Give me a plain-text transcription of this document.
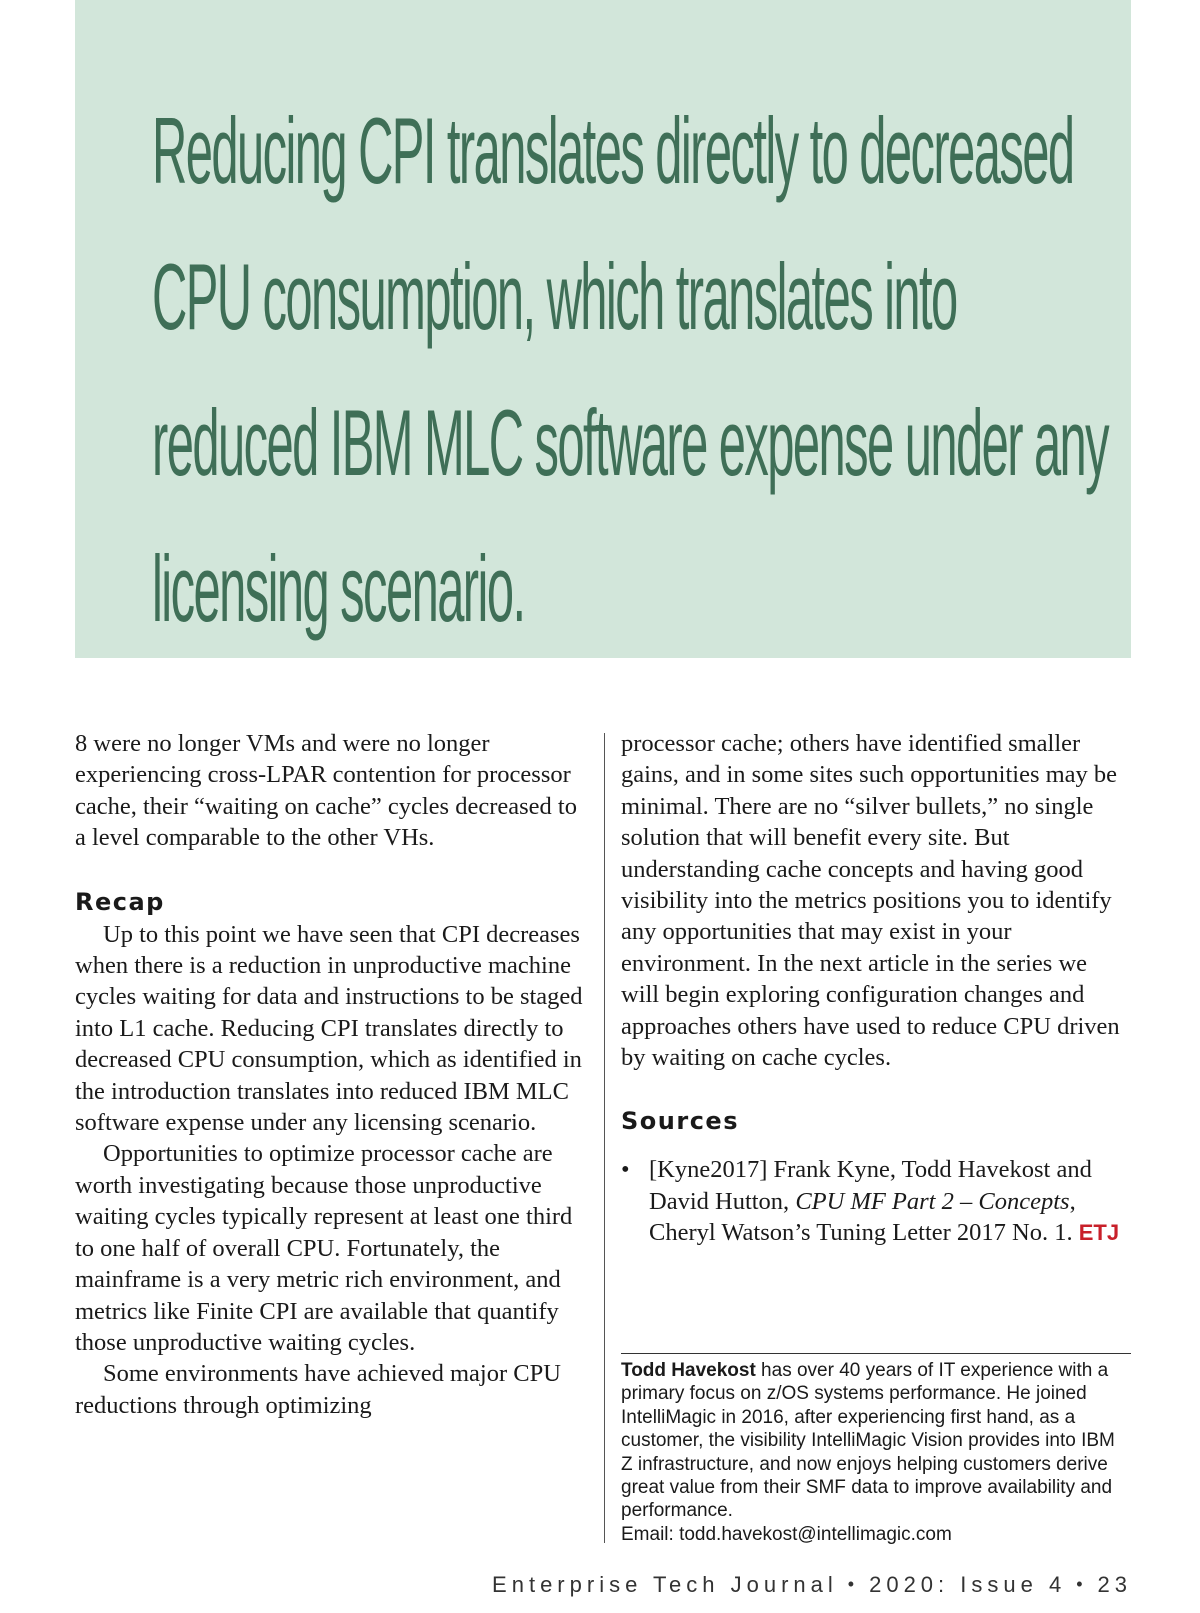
Reducing CPI translates directly to decreased CPU consumption, which translates into reduced IBM MLC software expense under any licensing scenario.

8 were no longer VMs and were no longer experiencing cross-LPAR contention for processor cache, their “waiting on cache” cycles decreased to a level comparable to the other VHs.

Recap

Up to this point we have seen that CPI decreases when there is a reduction in unproductive machine cycles waiting for data and instructions to be staged into L1 cache. Reducing CPI translates directly to decreased CPU consumption, which as identified in the introduction translates into reduced IBM MLC software expense under any licensing scenario.

Opportunities to optimize processor cache are worth investigating because those unproductive waiting cycles typically represent at least one third to one half of overall CPU. Fortunately, the mainframe is a very metric rich environment, and metrics like Finite CPI are available that quantify those unproductive waiting cycles.

Some environments have achieved major CPU reductions through optimizing

processor cache; others have identified smaller gains, and in some sites such opportunities may be minimal. There are no “silver bullets,” no single solution that will benefit every site. But understanding cache concepts and having good visibility into the metrics positions you to identify any opportunities that may exist in your environment. In the next article in the series we will begin exploring configuration changes and approaches others have used to reduce CPU driven by waiting on cache cycles.

Sources

• [Kyne2017] Frank Kyne, Todd Havekost and David Hutton, CPU MF Part 2 – Concepts, Cheryl Watson’s Tuning Letter 2017 No. 1. ETJ

Todd Havekost has over 40 years of IT experience with a primary focus on z/OS systems performance. He joined IntelliMagic in 2016, after experiencing first hand, as a customer, the visibility IntelliMagic Vision provides into IBM Z infrastructure, and now enjoys helping customers derive great value from their SMF data to improve availability and performance.
Email: todd.havekost@intellimagic.com
Enterprise Tech Journal • 2020: Issue 4 • 23
